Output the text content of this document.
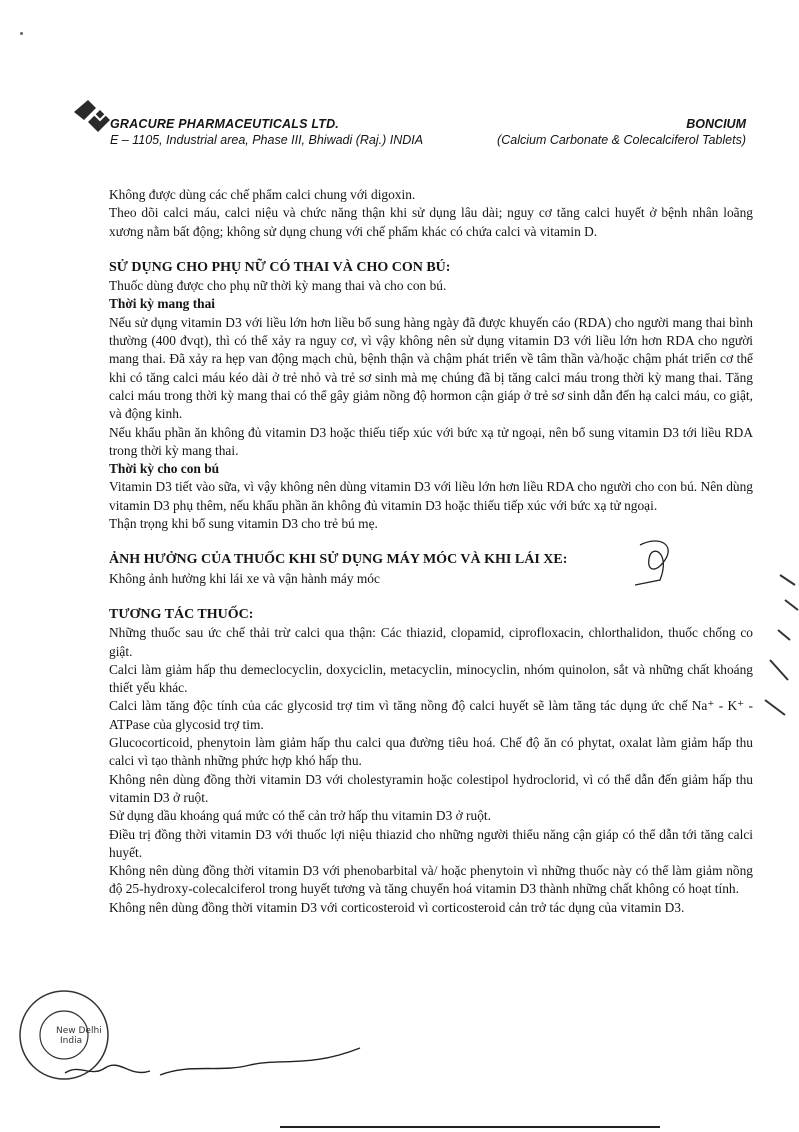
GRACURE PHARMACEUTICALS LTD.
E – 1105, Industrial area, Phase III, Bhiwadi (Raj.) INDIA
BONCIUM
(Calcium Carbonate & Colecalciferol Tablets)

Không được dùng các chế phẩm calci chung với digoxin.

Theo dõi calci máu, calci niệu và chức năng thận khi sử dụng lâu dài; nguy cơ tăng calci huyết ở bệnh nhân loãng xương nằm bất động; không sử dụng chung với chế phẩm khác có chứa calci và vitamin D.

SỬ DỤNG CHO PHỤ NỮ CÓ THAI VÀ CHO CON BÚ:

Thuốc dùng được cho phụ nữ thời kỳ mang thai và cho con bú.

Thời kỳ mang thai

Nếu sử dụng vitamin D3 với liều lớn hơn liều bổ sung hàng ngày đã được khuyến cáo (RDA) cho người mang thai bình thường (400 đvqt), thì có thể xảy ra nguy cơ, vì vậy không nên sử dụng vitamin D3 với liều lớn hơn RDA cho người mang thai. Đã xảy ra hẹp van động mạch chủ, bệnh thận và chậm phát triển về tâm thần và/hoặc chậm phát triển cơ thể khi có tăng calci máu kéo dài ở trẻ nhỏ và trẻ sơ sinh mà mẹ chúng đã bị tăng calci máu trong thời kỳ mang thai. Tăng calci máu trong thời kỳ mang thai có thể gây giảm nồng độ hormon cận giáp ở trẻ sơ sinh dẫn đến hạ calci máu, co giật, và động kinh.

Nếu khẩu phần ăn không đủ vitamin D3 hoặc thiếu tiếp xúc với bức xạ tử ngoại, nên bổ sung vitamin D3 tới liều RDA trong thời kỳ mang thai.

Thời kỳ cho con bú

Vitamin D3 tiết vào sữa, vì vậy không nên dùng vitamin D3 với liều lớn hơn liều RDA cho người cho con bú. Nên dùng vitamin D3 phụ thêm, nếu khẩu phần ăn không đủ vitamin D3 hoặc thiếu tiếp xúc với bức xạ tử ngoại.

Thận trọng khi bổ sung vitamin D3 cho trẻ bú mẹ.

ẢNH HƯỞNG CỦA THUỐC KHI SỬ DỤNG MÁY MÓC VÀ KHI LÁI XE:

Không ảnh hưởng khi lái xe và vận hành máy móc

TƯƠNG TÁC THUỐC:

Những thuốc sau ức chế thải trừ calci qua thận: Các thiazid, clopamid, ciprofloxacin, chlorthalidon, thuốc chống co giật.

Calci làm giảm hấp thu demeclocyclin, doxyciclin, metacyclin, minocyclin, nhóm quinolon, sắt và những chất khoáng thiết yếu khác.

Calci làm tăng độc tính của các glycosid trợ tim vì tăng nồng độ calci huyết sẽ làm tăng tác dụng ức chế Na⁺ - K⁺ - ATPase của glycosid trợ tim.

Glucocorticoid, phenytoin làm giảm hấp thu calci qua đường tiêu hoá. Chế độ ăn có phytat, oxalat làm giảm hấp thu calci vì tạo thành những phức hợp khó hấp thu.

Không nên dùng đồng thời vitamin D3 với cholestyramin hoặc colestipol hydroclorid, vì có thể dẫn đến giảm hấp thu vitamin D3 ở ruột.

Sử dụng dầu khoáng quá mức có thể cản trở hấp thu vitamin D3 ở ruột.

Điều trị đồng thời vitamin D3 với thuốc lợi niệu thiazid cho những người thiểu năng cận giáp có thể dẫn tới tăng calci huyết.

Không nên dùng đồng thời vitamin D3 với phenobarbital và/ hoặc phenytoin vì những thuốc này có thể làm giảm nồng độ 25-hydroxy-colecalciferol trong huyết tương và tăng chuyển hoá vitamin D3 thành những chất không có hoạt tính.

Không nên dùng đồng thời vitamin D3 với corticosteroid vì corticosteroid cản trở tác dụng của vitamin D3.

New Delhi
India
